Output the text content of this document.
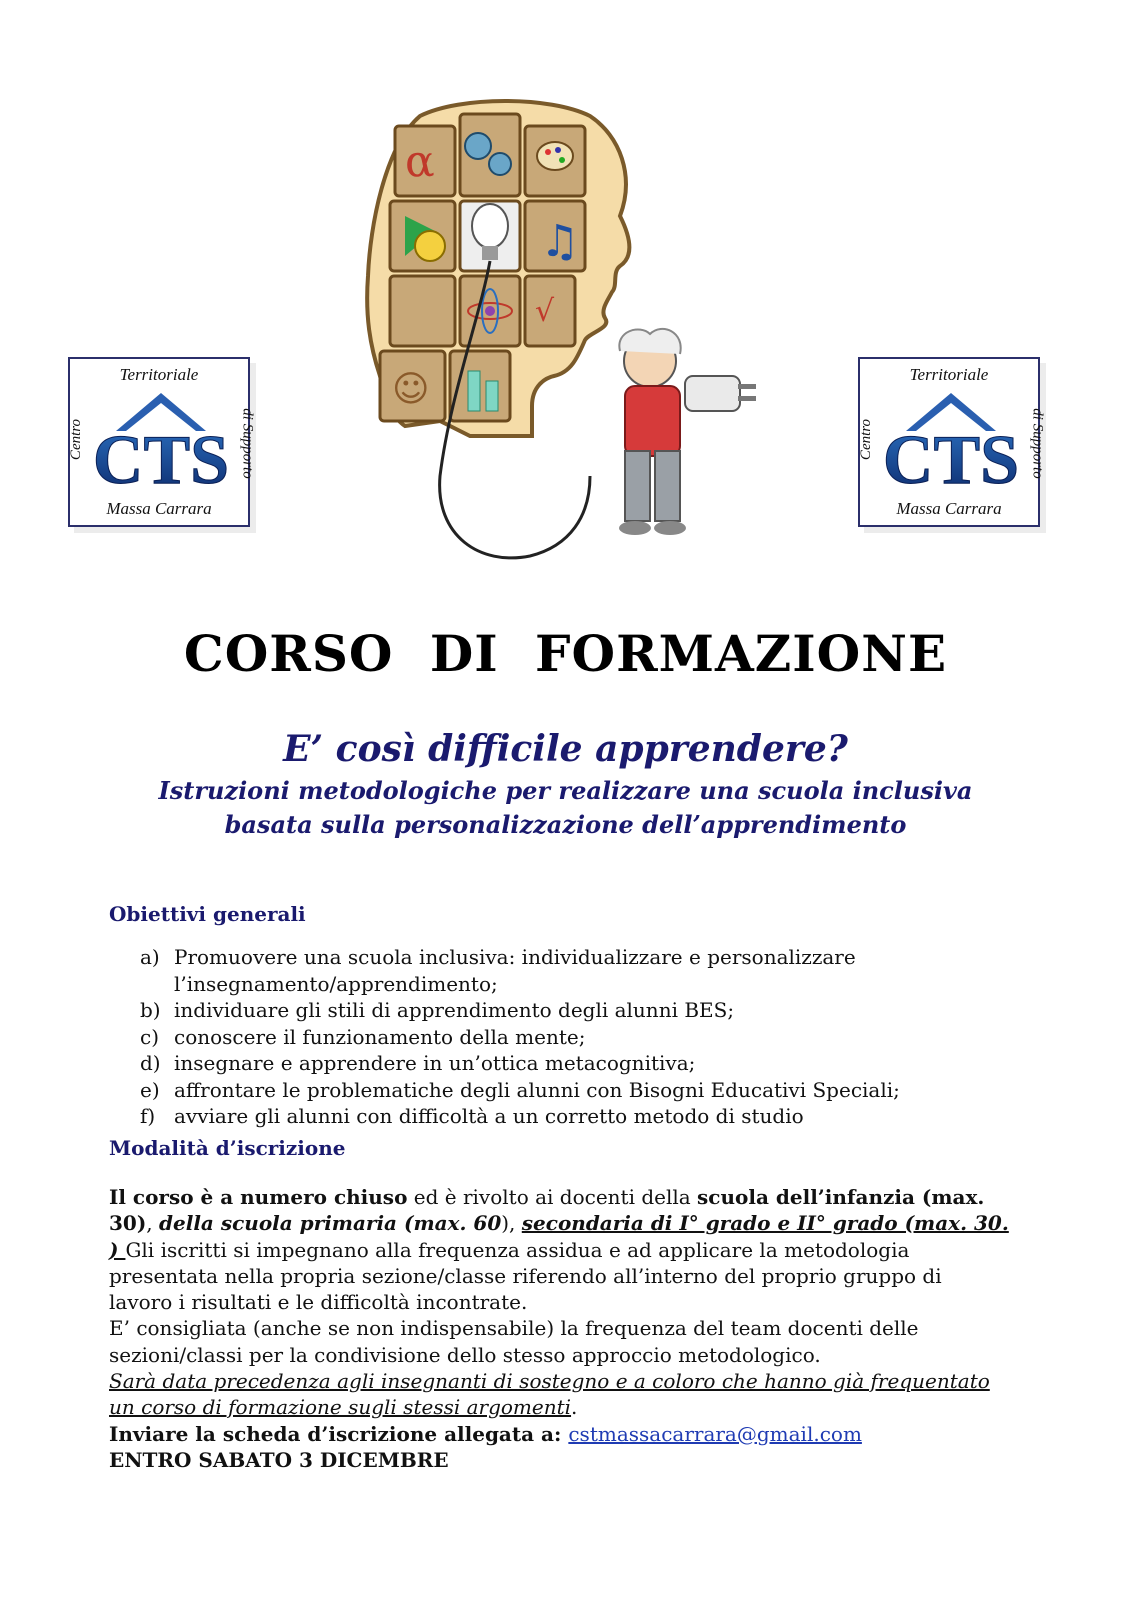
Territoriale
Centro	di Supporto
CTS
Massa Carrara
Territoriale
Centro	di Supporto
CTS
Massa Carrara
α
♫
√
☺
CORSO DI FORMAZIONE
E’ così difficile apprendere?
Istruzioni metodologiche per realizzare una scuola inclusiva
basata sulla personalizzazione dell’apprendimento
Obiettivi generali
a) Promuovere una scuola inclusiva: individualizzare e personalizzare l’insegnamento/apprendimento;
b) individuare gli stili di apprendimento degli alunni BES;
c) conoscere il funzionamento della mente;
d) insegnare e apprendere in un’ottica metacognitiva;
e) affrontare le problematiche degli alunni con Bisogni Educativi Speciali;
f) avviare gli alunni con difficoltà a un corretto metodo di studio
Modalità d’iscrizione
Il corso è a numero chiuso ed è rivolto ai docenti della scuola dell’infanzia (max. 30), della scuola primaria (max. 60), secondaria di I° grado e II° grado (max. 30. ) Gli iscritti si impegnano alla frequenza assidua e ad applicare la metodologia presentata nella propria sezione/classe riferendo all’interno del proprio gruppo di lavoro i risultati e le difficoltà incontrate.
E’ consigliata (anche se non indispensabile) la frequenza del team docenti delle sezioni/classi per la condivisione dello stesso approccio metodologico.
Sarà data precedenza agli insegnanti di sostegno e a coloro che hanno già frequentato un corso di formazione sugli stessi argomenti.
Inviare la scheda d’iscrizione allegata a: cstmassacarrara@gmail.com
ENTRO SABATO 3 DICEMBRE
